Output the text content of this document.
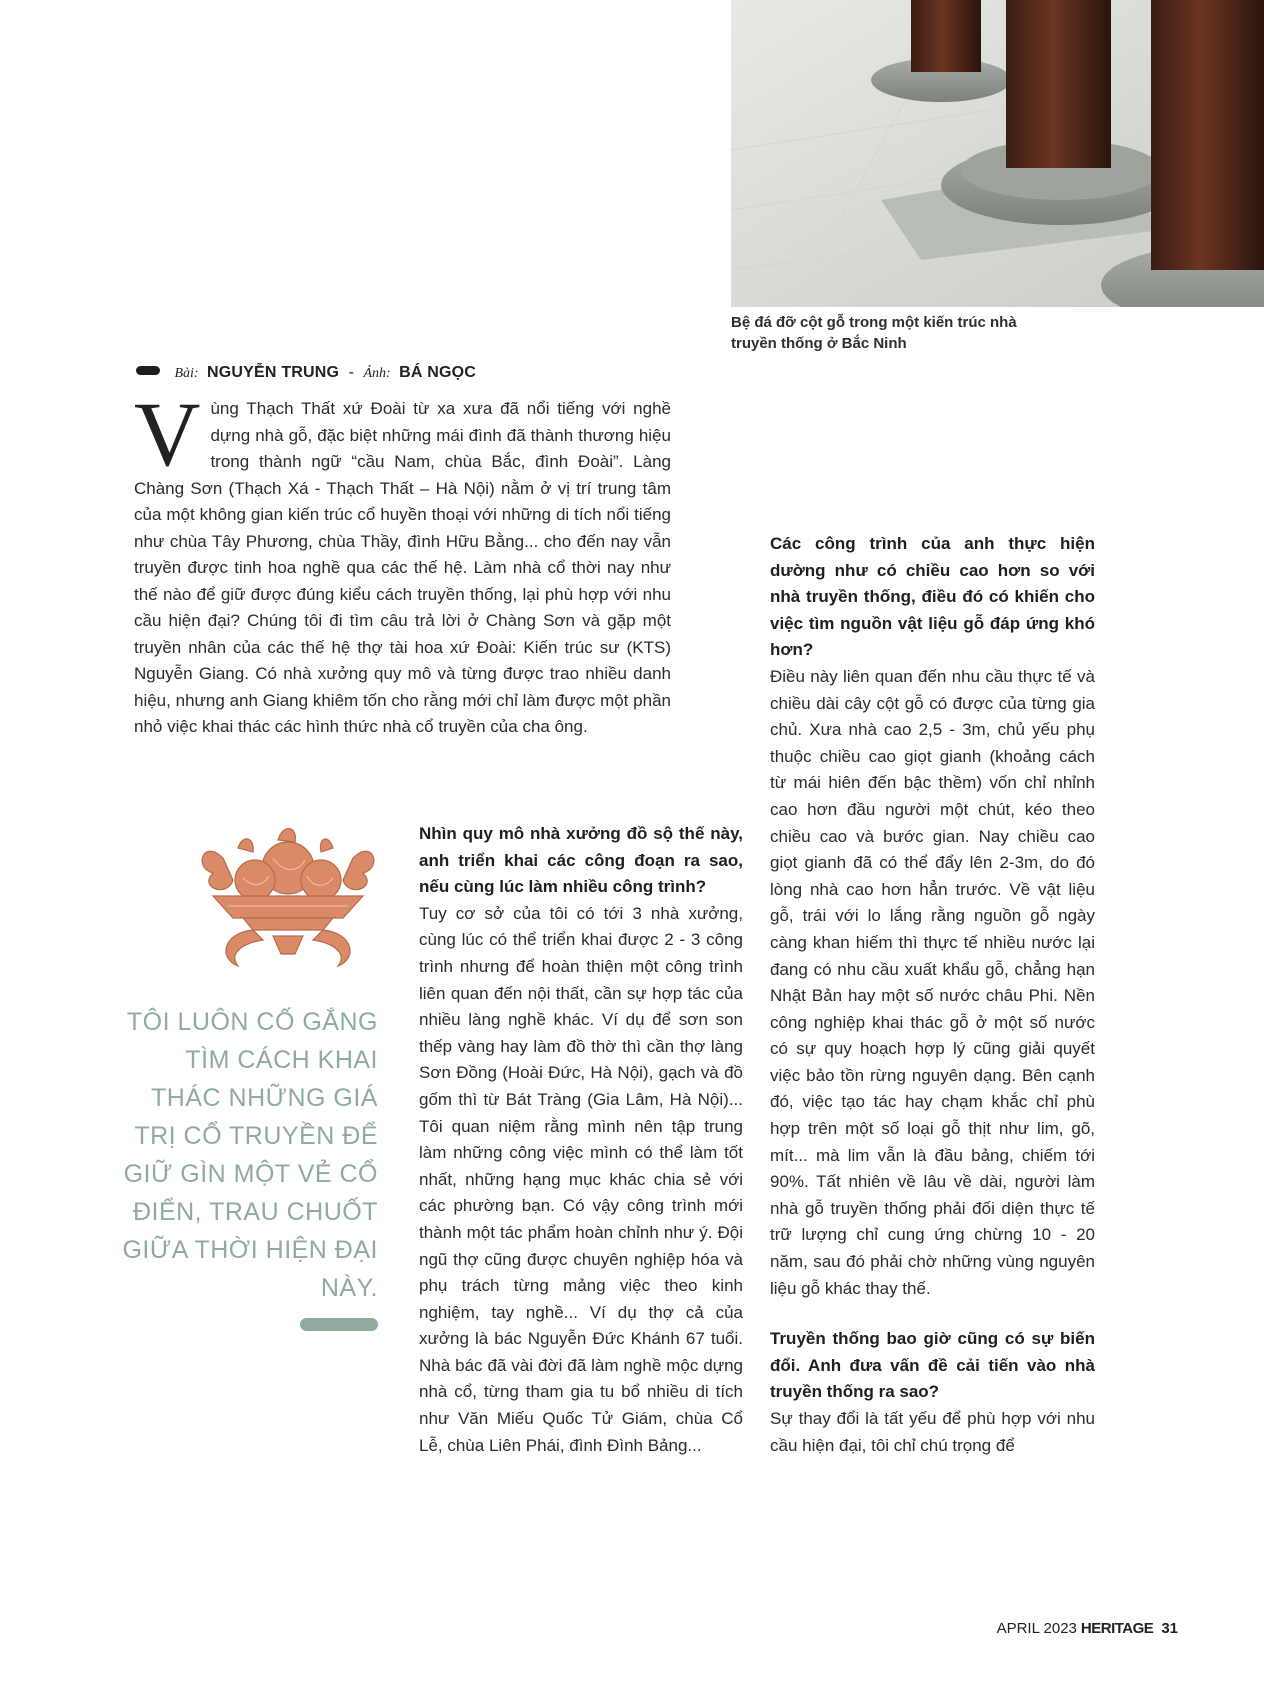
Bệ đá đỡ cột gỗ trong một kiến trúc nhà truyền thống ở Bắc Ninh

Bài: NGUYỄN TRUNG - Ảnh: BÁ NGỌC

Vùng Thạch Thất xứ Đoài từ xa xưa đã nổi tiếng với nghề dựng nhà gỗ, đặc biệt những mái đình đã thành thương hiệu trong thành ngữ “cầu Nam, chùa Bắc, đình Đoài”. Làng Chàng Sơn (Thạch Xá - Thạch Thất – Hà Nội) nằm ở vị trí trung tâm của một không gian kiến trúc cổ huyền thoại với những di tích nổi tiếng như chùa Tây Phương, chùa Thầy, đình Hữu Bằng... cho đến nay vẫn truyền được tinh hoa nghề qua các thế hệ. Làm nhà cổ thời nay như thế nào để giữ được đúng kiểu cách truyền thống, lại phù hợp với nhu cầu hiện đại? Chúng tôi đi tìm câu trả lời ở Chàng Sơn và gặp một truyền nhân của các thế hệ thợ tài hoa xứ Đoài: Kiến trúc sư (KTS) Nguyễn Giang. Có nhà xưởng quy mô và từng được trao nhiều danh hiệu, nhưng anh Giang khiêm tốn cho rằng mới chỉ làm được một phần nhỏ việc khai thác các hình thức nhà cổ truyền của cha ông.

TÔI LUÔN CỐ GẮNG TÌM CÁCH KHAI THÁC NHỮNG GIÁ TRỊ CỔ TRUYỀN ĐỂ GIỮ GÌN MỘT VẺ CỔ ĐIỂN, TRAU CHUỐT GIỮA THỜI HIỆN ĐẠI NÀY.

Nhìn quy mô nhà xưởng đồ sộ thế này, anh triển khai các công đoạn ra sao, nếu cùng lúc làm nhiều công trình?

Tuy cơ sở của tôi có tới 3 nhà xưởng, cùng lúc có thể triển khai được 2 - 3 công trình nhưng để hoàn thiện một công trình liên quan đến nội thất, cần sự hợp tác của nhiều làng nghề khác. Ví dụ để sơn son thếp vàng hay làm đồ thờ thì cần thợ làng Sơn Đồng (Hoài Đức, Hà Nội), gạch và đồ gốm thì từ Bát Tràng (Gia Lâm, Hà Nội)... Tôi quan niệm rằng mình nên tập trung làm những công việc mình có thể làm tốt nhất, những hạng mục khác chia sẻ với các phường bạn. Có vậy công trình mới thành một tác phẩm hoàn chỉnh như ý. Đội ngũ thợ cũng được chuyên nghiệp hóa và phụ trách từng mảng việc theo kinh nghiệm, tay nghề... Ví dụ thợ cả của xưởng là bác Nguyễn Đức Khánh 67 tuổi. Nhà bác đã vài đời đã làm nghề mộc dựng nhà cổ, từng tham gia tu bổ nhiều di tích như Văn Miếu Quốc Tử Giám, chùa Cổ Lễ, chùa Liên Phái, đình Đình Bảng...

Các công trình của anh thực hiện dường như có chiều cao hơn so với nhà truyền thống, điều đó có khiến cho việc tìm nguồn vật liệu gỗ đáp ứng khó hơn?

Điều này liên quan đến nhu cầu thực tế và chiều dài cây cột gỗ có được của từng gia chủ. Xưa nhà cao 2,5 - 3m, chủ yếu phụ thuộc chiều cao giọt gianh (khoảng cách từ mái hiên đến bậc thềm) vốn chỉ nhỉnh cao hơn đầu người một chút, kéo theo chiều cao và bước gian. Nay chiều cao giọt gianh đã có thể đẩy lên 2-3m, do đó lòng nhà cao hơn hẳn trước. Về vật liệu gỗ, trái với lo lắng rằng nguồn gỗ ngày càng khan hiếm thì thực tế nhiều nước lại đang có nhu cầu xuất khẩu gỗ, chẳng hạn Nhật Bản hay một số nước châu Phi. Nền công nghiệp khai thác gỗ ở một số nước có sự quy hoạch hợp lý cũng giải quyết việc bảo tồn rừng nguyên dạng. Bên cạnh đó, việc tạo tác hay chạm khắc chỉ phù hợp trên một số loại gỗ thịt như lim, gõ, mít... mà lim vẫn là đầu bảng, chiếm tới 90%. Tất nhiên về lâu về dài, người làm nhà gỗ truyền thống phải đối diện thực tế trữ lượng chỉ cung ứng chừng 10 - 20 năm, sau đó phải chờ những vùng nguyên liệu gỗ khác thay thế.

Truyền thống bao giờ cũng có sự biến đổi. Anh đưa vấn đề cải tiến vào nhà truyền thống ra sao?

Sự thay đổi là tất yếu để phù hợp với nhu cầu hiện đại, tôi chỉ chú trọng để

APRIL 2023 HERITAGE 31
